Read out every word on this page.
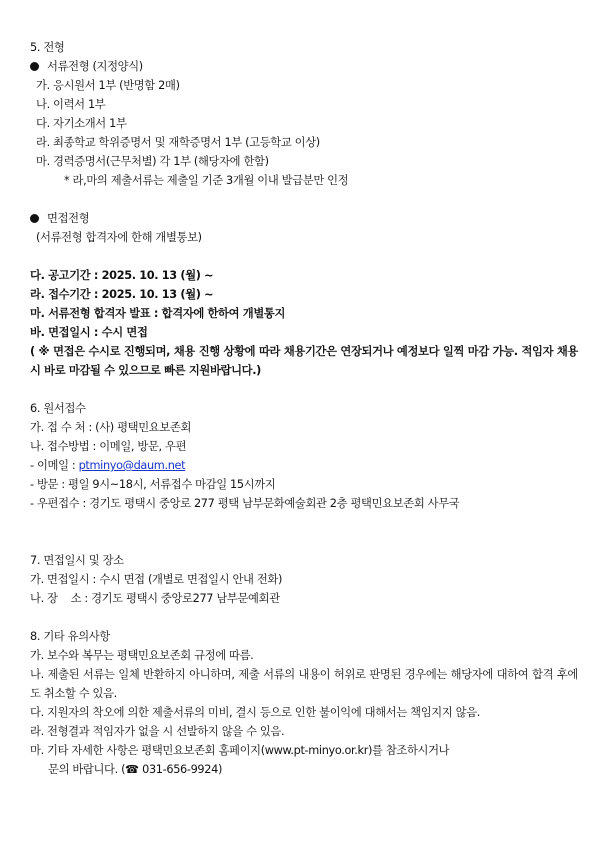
5. 전형
서류전형 (지정양식)
가. 응시원서 1부 (반명함 2매)
나. 이력서 1부
다. 자기소개서 1부
라. 최종학교 학위증명서 및 재학증명서 1부 (고등학교 이상)
마. 경력증명서(근무처별) 각 1부 (해당자에 한함)
* 라,마의 제출서류는 제출일 기준 3개월 이내 발급분만 인정
면접전형
(서류전형 합격자에 한해 개별통보)
다. 공고기간 : 2025. 10. 13 (월) ~
라. 접수기간 : 2025. 10. 13 (월) ~
마. 서류전형 합격자 발표 : 합격자에 한하여 개별통지
바. 면접일시 : 수시 면접
( ※ 면접은 수시로 진행되며, 채용 진행 상황에 따라 채용기간은 연장되거나 예정보다 일찍 마감 가능. 적임자 채용시 바로 마감될 수 있으므로 빠른 지원바랍니다.)
6. 원서접수
가. 접 수 처 : (사) 평택민요보존회
나. 접수방법 : 이메일, 방문, 우편
- 이메일 : ptminyo@daum.net
- 방문 : 평일 9시~18시, 서류접수 마감일 15시까지
- 우편접수 : 경기도 평택시 중앙로 277 평택 남부문화예술회관 2층 평택민요보존회 사무국
7. 면접일시 및 장소
가. 면접일시 : 수시 면접 (개별로 면접일시 안내 전화)
나. 장    소 : 경기도 평택시 중앙로277 남부문예회관
8. 기타 유의사항
가. 보수와 복무는 평택민요보존회 규정에 따름.
나. 제출된 서류는 일체 반환하지 아니하며, 제출 서류의 내용이 허위로 판명된 경우에는 해당자에 대하여 합격 후에도 취소할 수 있음.
다. 지원자의 착오에 의한 제출서류의 미비, 결시 등으로 인한 불이익에 대해서는 책임지지 않음.
라. 전형결과 적임자가 없을 시 선발하지 않을 수 있음.
마. 기타 자세한 사항은 평택민요보존회 홈페이지(www.pt-minyo.or.kr)를 참조하시거나
문의 바랍니다. (☎ 031-656-9924)
